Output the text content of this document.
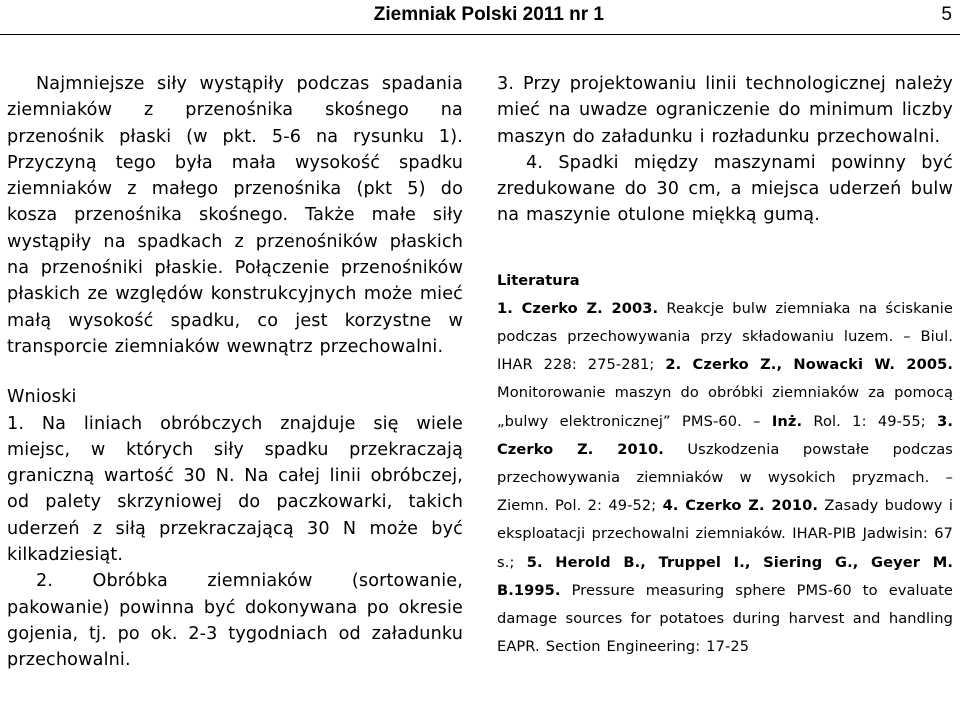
Ziemniak Polski 2011 nr 1	5

Najmniejsze siły wystąpiły podczas spadania ziemniaków z przenośnika skośnego na przenośnik płaski (w pkt. 5-6 na rysunku 1). Przyczyną tego była mała wysokość spadku ziemniaków z małego przenośnika (pkt 5) do kosza przenośnika skośnego. Także małe siły wystąpiły na spadkach z przenośników płaskich na przenośniki płaskie. Połączenie przenośników płaskich ze względów konstrukcyjnych może mieć małą wysokość spadku, co jest korzystne w transporcie ziemniaków wewnątrz przechowalni.

Wnioski

1. Na liniach obróbczych znajduje się wiele miejsc, w których siły spadku przekraczają graniczną wartość 30 N. Na całej linii obróbczej, od palety skrzyniowej do paczkowarki, takich uderzeń z siłą przekraczającą 30 N może być kilkadziesiąt.

2. Obróbka ziemniaków (sortowanie, pakowanie) powinna być dokonywana po okresie gojenia, tj. po ok. 2-3 tygodniach od załadunku przechowalni.

3. Przy projektowaniu linii technologicznej należy mieć na uwadze ograniczenie do minimum liczby maszyn do załadunku i rozładunku przechowalni.

4. Spadki między maszynami powinny być zredukowane do 30 cm, a miejsca uderzeń bulw na maszynie otulone miękką gumą.

Literatura

1. Czerko Z. 2003. Reakcje bulw ziemniaka na ściskanie podczas przechowywania przy składowaniu luzem. – Biul. IHAR 228: 275-281; 2. Czerko Z., Nowacki W. 2005. Monitorowanie maszyn do obróbki ziemniaków za pomocą „bulwy elektronicznej” PMS-60. – Inż. Rol. 1: 49-55; 3. Czerko Z. 2010. Uszkodzenia powstałe podczas przechowywania ziemniaków w wysokich pryzmach. – Ziemn. Pol. 2: 49-52; 4. Czerko Z. 2010. Zasady budowy i eksploatacji przechowalni ziemniaków. IHAR-PIB Jadwisin: 67 s.; 5. Herold B., Truppel I., Siering G., Geyer M. B.1995. Pressure measuring sphere PMS-60 to evaluate damage sources for potatoes during harvest and handling EAPR. Section Engineering: 17-25
